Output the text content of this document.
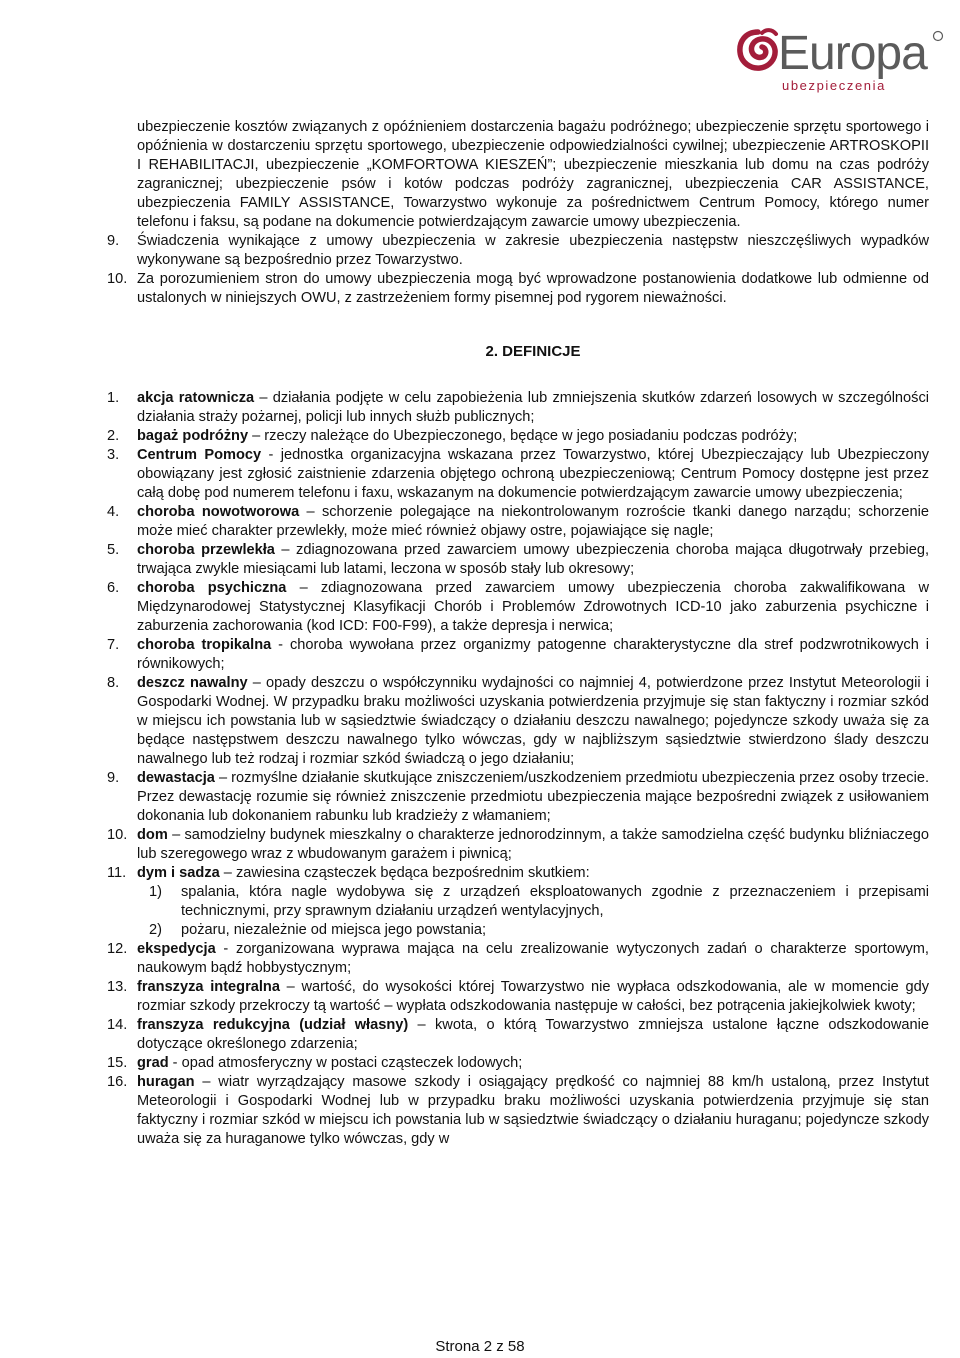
Europa
ubezpieczenia
ubezpieczenie kosztów związanych z opóźnieniem dostarczenia bagażu podróżnego; ubezpieczenie sprzętu sportowego i opóźnienia w dostarczeniu sprzętu sportowego, ubezpieczenie odpowiedzialności cywilnej; ubezpieczenie ARTROSKOPII I REHABILITACJI, ubezpieczenie „KOMFORTOWA KIESZEŃ”; ubezpieczenie mieszkania lub domu na czas podróży zagranicznej; ubezpieczenie psów i kotów podczas podróży zagranicznej, ubezpieczenia CAR ASSISTANCE, ubezpieczenia FAMILY ASSISTANCE, Towarzystwo wykonuje za pośrednictwem Centrum Pomocy, którego numer telefonu i faksu, są podane na dokumencie potwierdzającym zawarcie umowy ubezpieczenia.
9.	Świadczenia wynikające z umowy ubezpieczenia w zakresie ubezpieczenia następstw nieszczęśliwych wypadków wykonywane są bezpośrednio przez Towarzystwo.
10. Za porozumieniem stron do umowy ubezpieczenia mogą być wprowadzone postanowienia dodatkowe lub odmienne od ustalonych w niniejszych OWU, z zastrzeżeniem formy pisemnej pod rygorem nieważności.
2. DEFINICJE
1.	akcja ratownicza – działania podjęte w celu zapobieżenia lub zmniejszenia skutków zdarzeń losowych w szczególności działania straży pożarnej, policji lub innych służb publicznych;
2.	bagaż podróżny – rzeczy należące do Ubezpieczonego, będące w jego posiadaniu podczas podróży;
3.	Centrum Pomocy - jednostka organizacyjna wskazana przez Towarzystwo, której Ubezpieczający lub Ubezpieczony obowiązany jest zgłosić zaistnienie zdarzenia objętego ochroną ubezpieczeniową; Centrum Pomocy dostępne jest przez całą dobę pod numerem telefonu i faxu, wskazanym na dokumencie potwierdzającym zawarcie umowy ubezpieczenia;
4.	choroba nowotworowa – schorzenie polegające na niekontrolowanym rozroście tkanki danego narządu; schorzenie może mieć charakter przewlekły, może mieć również objawy ostre, pojawiające się nagle;
5.	choroba przewlekła – zdiagnozowana przed zawarciem umowy ubezpieczenia choroba mająca długotrwały przebieg, trwająca zwykle miesiącami lub latami, leczona w sposób stały lub okresowy;
6.	choroba psychiczna – zdiagnozowana przed zawarciem umowy ubezpieczenia choroba zakwalifikowana w Międzynarodowej Statystycznej Klasyfikacji Chorób i Problemów Zdrowotnych ICD-10 jako zaburzenia psychiczne i zaburzenia zachorowania (kod ICD: F00-F99), a także depresja i nerwica;
7.	choroba tropikalna - choroba wywołana przez organizmy patogenne charakterystyczne dla stref podzwrotnikowych i równikowych;
8.	deszcz nawalny – opady deszczu o współczynniku wydajności co najmniej 4, potwierdzone przez Instytut Meteorologii i Gospodarki Wodnej. W przypadku braku możliwości uzyskania potwierdzenia przyjmuje się stan faktyczny i rozmiar szkód w miejscu ich powstania lub w sąsiedztwie świadczący o działaniu deszczu nawalnego; pojedyncze szkody uważa się za będące następstwem deszczu nawalnego tylko wówczas, gdy w najbliższym sąsiedztwie stwierdzono ślady deszczu nawalnego lub też rodzaj i rozmiar szkód świadczą o jego działaniu;
9.	dewastacja – rozmyślne działanie skutkujące zniszczeniem/uszkodzeniem przedmiotu ubezpieczenia przez osoby trzecie. Przez dewastację rozumie się również zniszczenie przedmiotu ubezpieczenia mające bezpośredni związek z usiłowaniem dokonania lub dokonaniem rabunku lub kradzieży z włamaniem;
10. dom – samodzielny budynek mieszkalny o charakterze jednorodzinnym, a także samodzielna część budynku bliźniaczego lub szeregowego wraz z wbudowanym garażem i piwnicą;
11. dym i sadza – zawiesina cząsteczek będąca bezpośrednim skutkiem:
1)	spalania, która nagle wydobywa się z urządzeń eksploatowanych zgodnie z przeznaczeniem i przepisami technicznymi, przy sprawnym działaniu urządzeń wentylacyjnych,
2)	pożaru, niezależnie od miejsca jego powstania;
12. ekspedycja - zorganizowana wyprawa mająca na celu zrealizowanie wytyczonych zadań o charakterze sportowym, naukowym bądź hobbystycznym;
13. franszyza integralna – wartość, do wysokości której Towarzystwo nie wypłaca odszkodowania, ale w momencie gdy rozmiar szkody przekroczy tą wartość – wypłata odszkodowania następuje w całości, bez potrącenia jakiejkolwiek kwoty;
14. franszyza redukcyjna (udział własny) – kwota, o którą Towarzystwo zmniejsza ustalone łączne odszkodowanie dotyczące określonego zdarzenia;
15. grad - opad atmosferyczny w postaci cząsteczek lodowych;
16. huragan – wiatr wyrządzający masowe szkody i osiągający prędkość co najmniej 88 km/h ustaloną, przez Instytut Meteorologii i Gospodarki Wodnej lub w przypadku braku możliwości uzyskania potwierdzenia przyjmuje się stan faktyczny i rozmiar szkód w miejscu ich powstania lub w sąsiedztwie świadczący o działaniu huraganu; pojedyncze szkody uważa się za huraganowe tylko wówczas, gdy w
Strona 2 z 58
